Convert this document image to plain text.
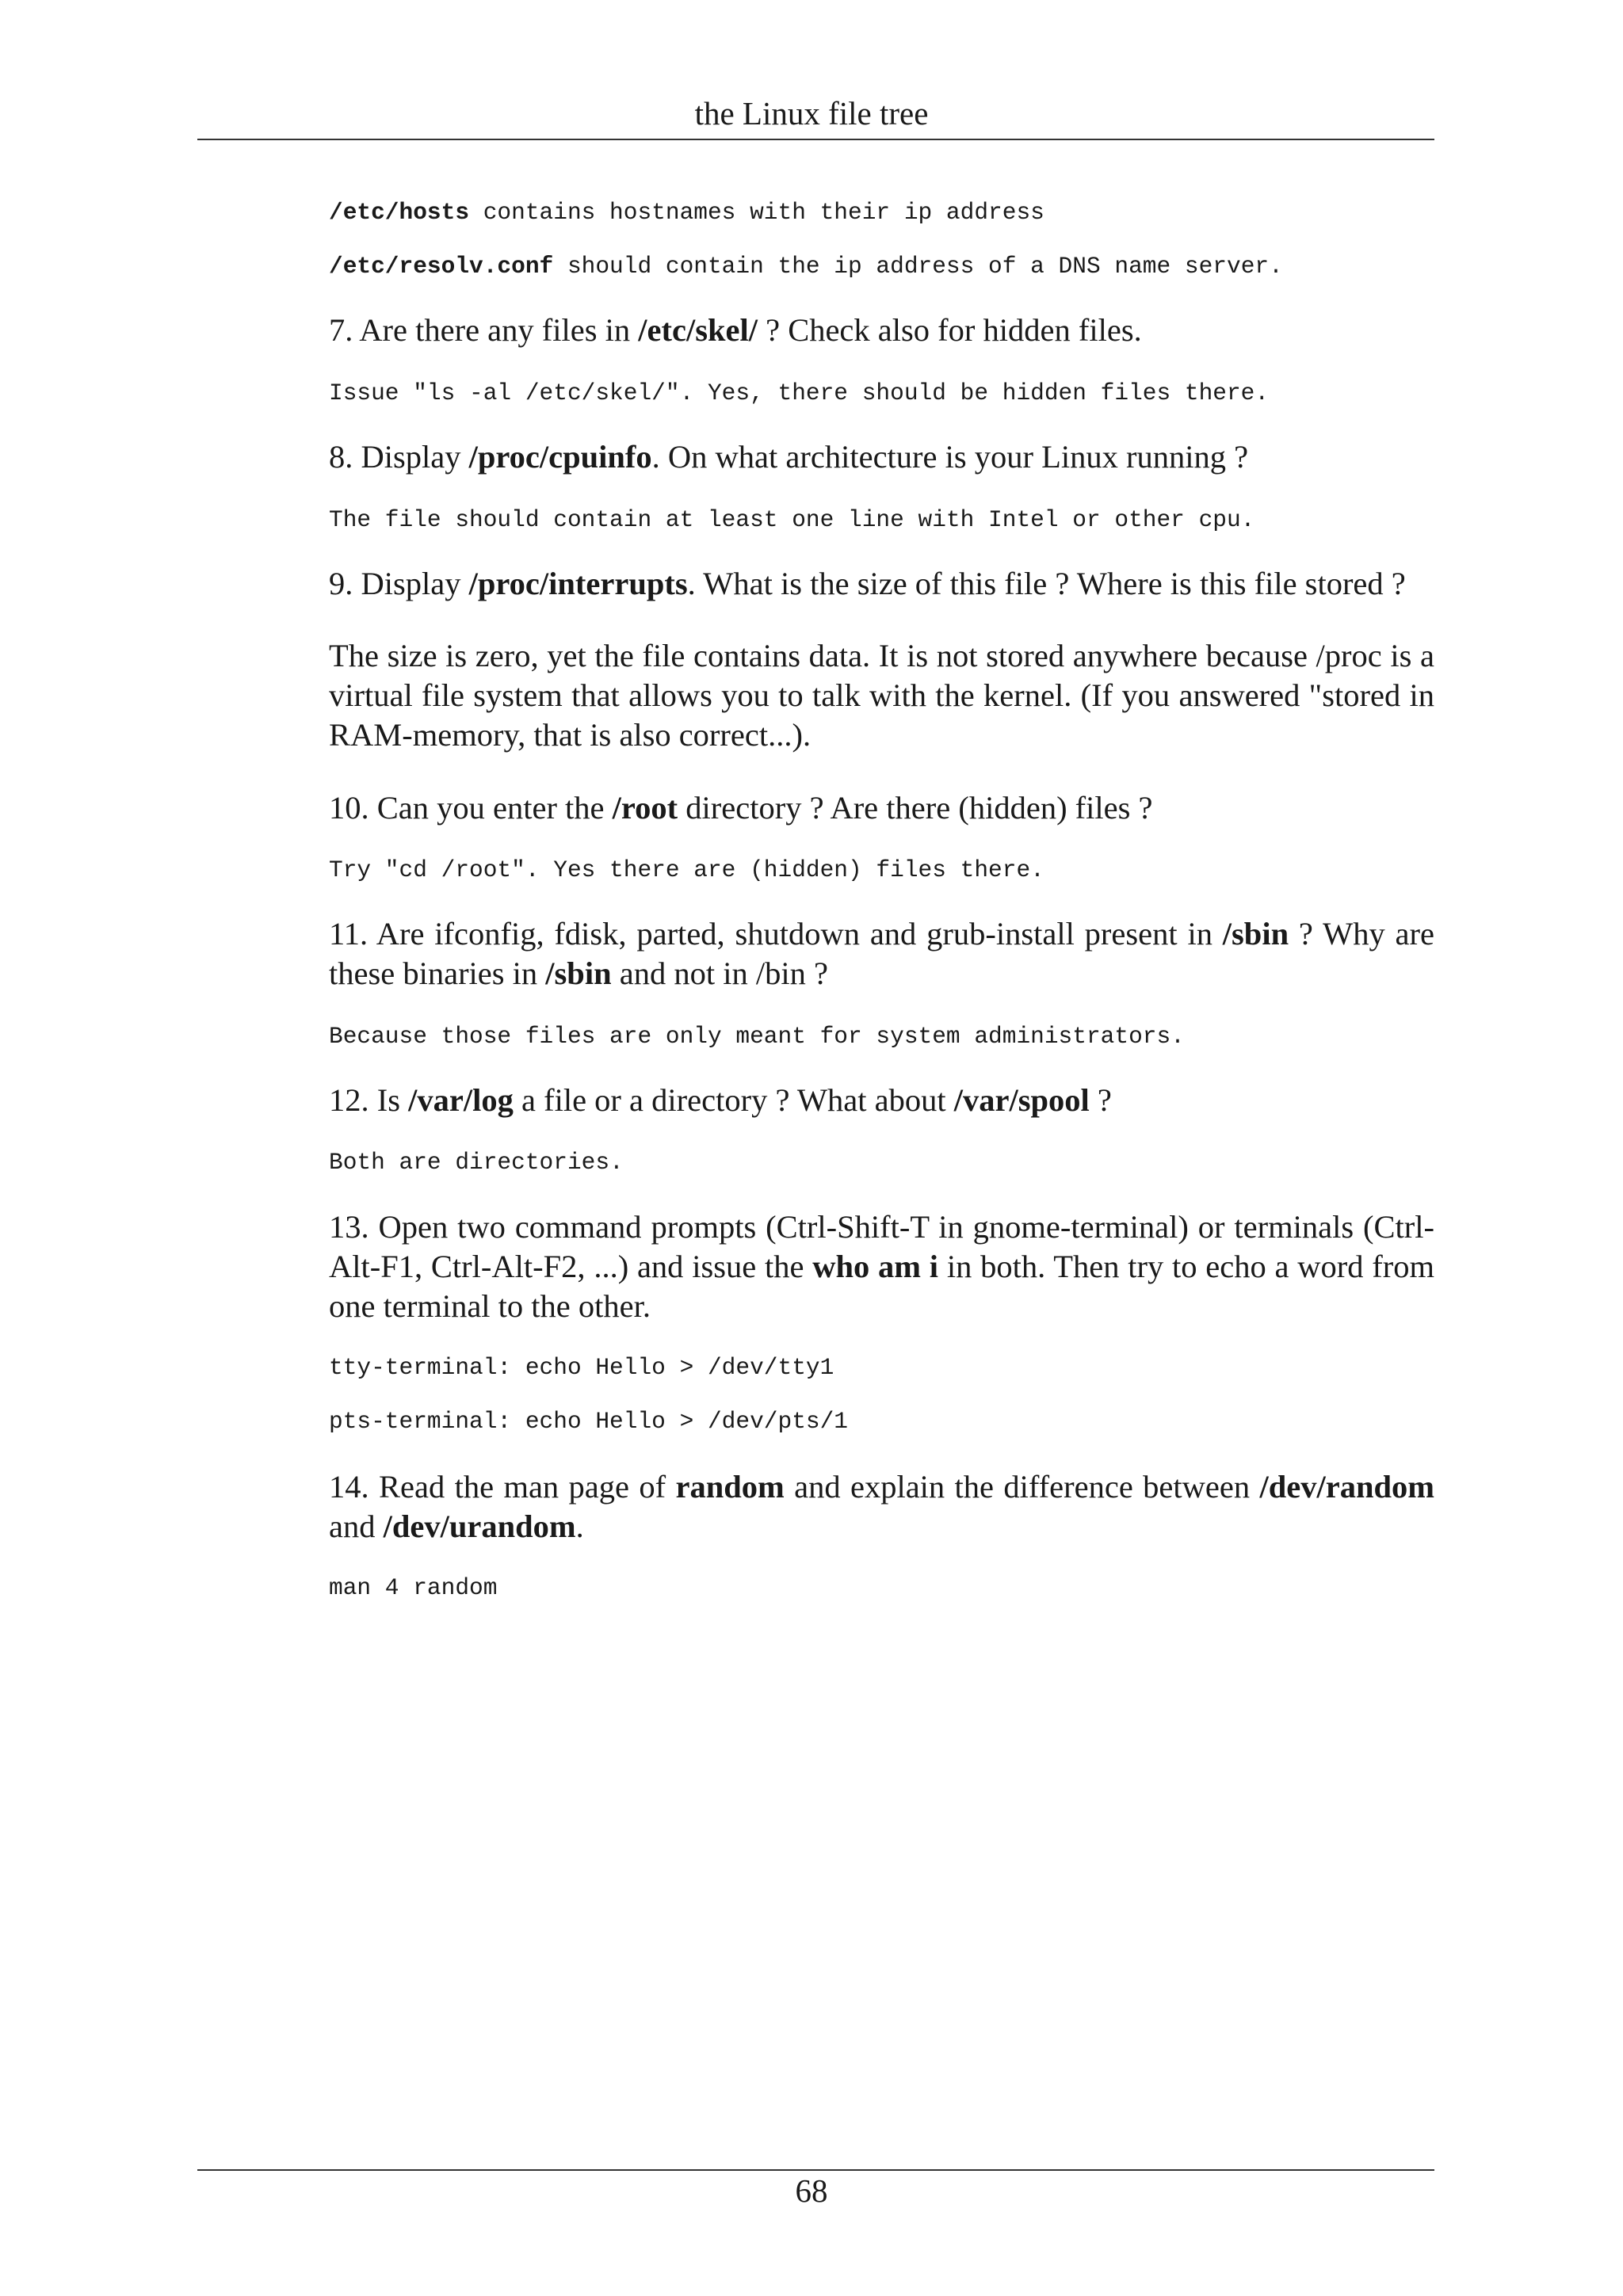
the Linux file tree
/etc/hosts contains hostnames with their ip address
/etc/resolv.conf should contain the ip address of a DNS name server.
7. Are there any files in /etc/skel/ ? Check also for hidden files.
Issue "ls -al /etc/skel/". Yes, there should be hidden files there.
8. Display /proc/cpuinfo. On what architecture is your Linux running ?
The file should contain at least one line with Intel or other cpu.
9. Display /proc/interrupts. What is the size of this file ? Where is this file stored ?
The size is zero, yet the file contains data. It is not stored anywhere because /proc is a virtual file system that allows you to talk with the kernel. (If you answered "stored in RAM-memory, that is also correct...).
10. Can you enter the /root directory ? Are there (hidden) files ?
Try "cd /root". Yes there are (hidden) files there.
11. Are ifconfig, fdisk, parted, shutdown and grub-install present in /sbin ? Why are these binaries in /sbin and not in /bin ?
Because those files are only meant for system administrators.
12. Is /var/log a file or a directory ? What about /var/spool ?
Both are directories.
13. Open two command prompts (Ctrl-Shift-T in gnome-terminal) or terminals (Ctrl-Alt-F1, Ctrl-Alt-F2, ...) and issue the who am i in both. Then try to echo a word from one terminal to the other.
tty-terminal: echo Hello > /dev/tty1
pts-terminal: echo Hello > /dev/pts/1
14. Read the man page of random and explain the difference between /dev/random and /dev/urandom.
man 4 random
68
